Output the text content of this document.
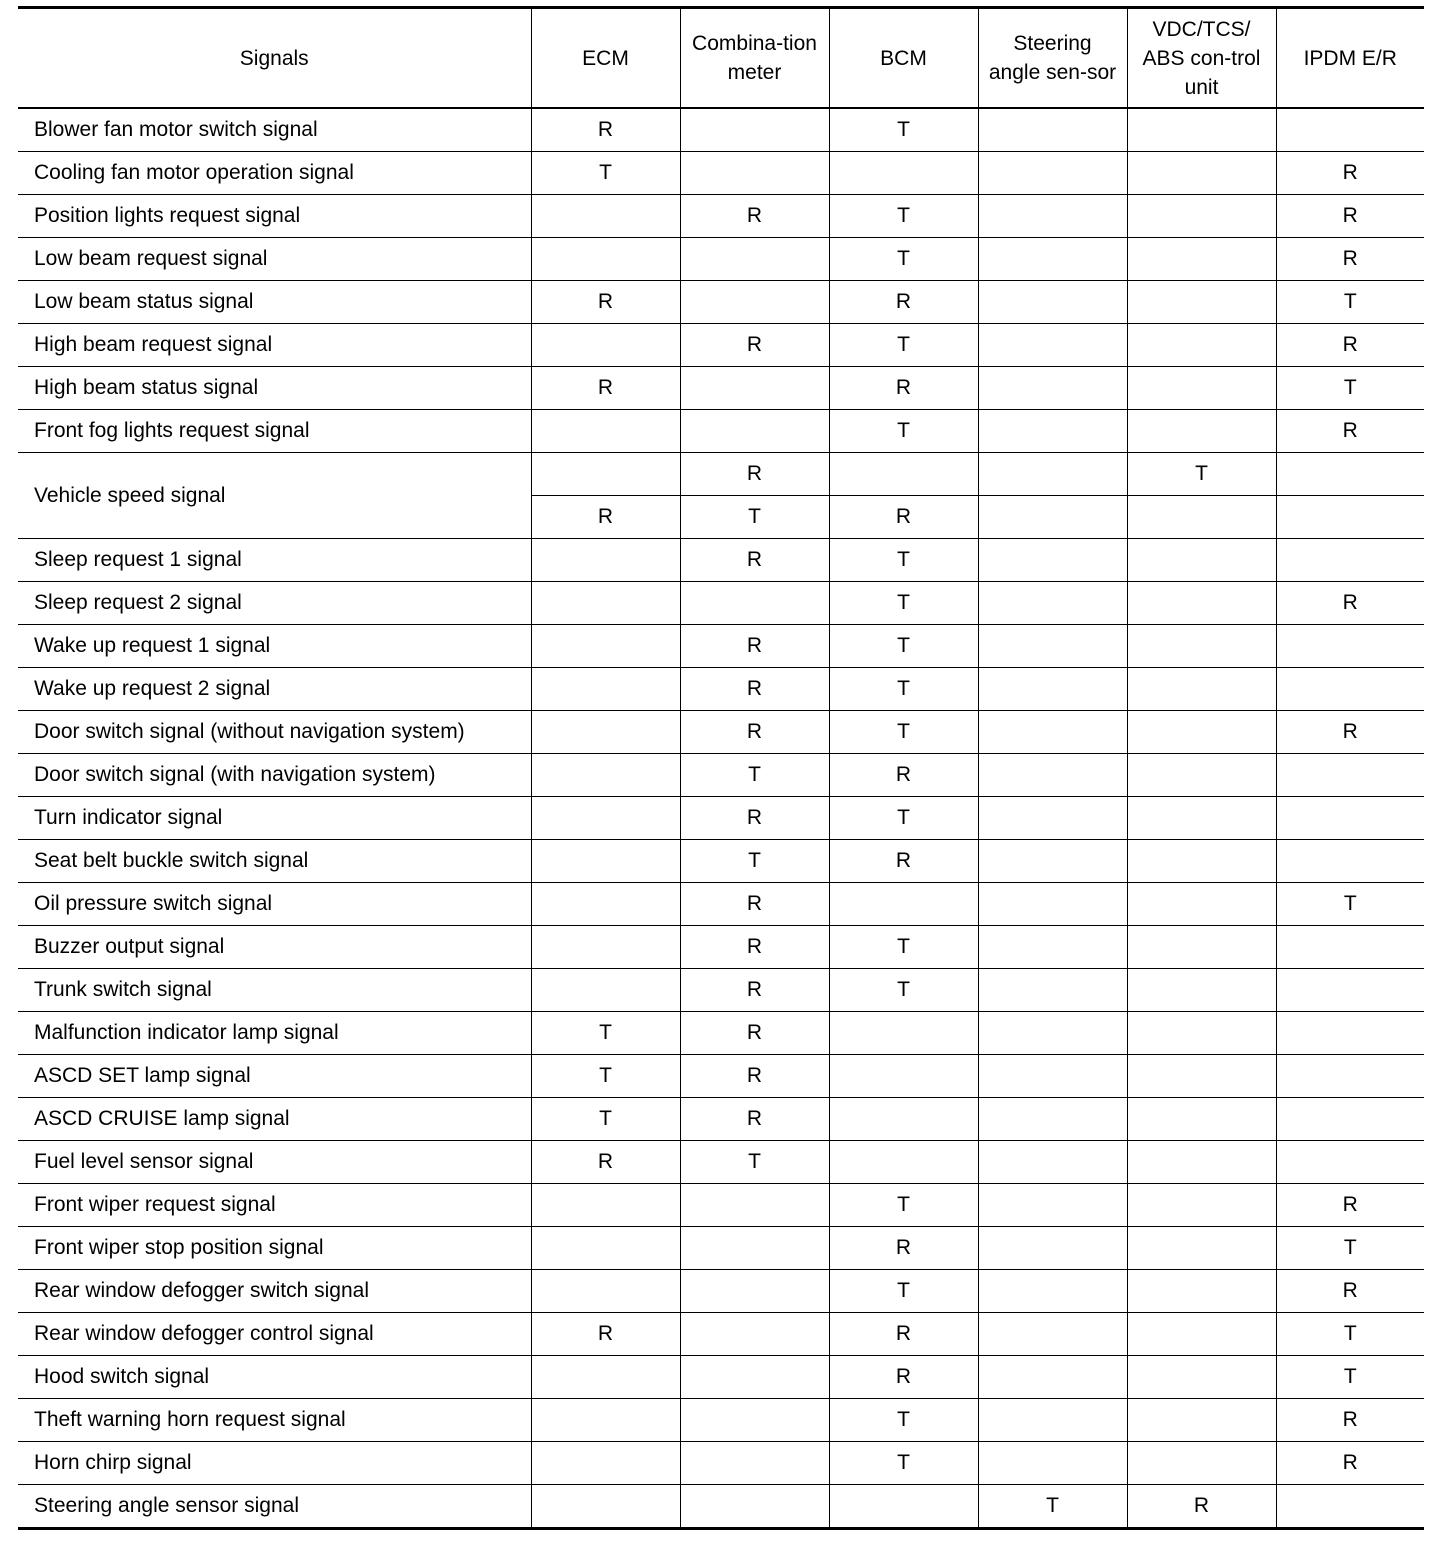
Signals	ECM	Combina-tion meter	BCM	Steering angle sen-sor	VDC/TCS/ ABS con-trol unit	IPDM E/R
Blower fan motor switch signal	R		T			
Cooling fan motor operation signal	T					R
Position lights request signal		R	T			R
Low beam request signal			T			R
Low beam status signal	R		R			T
High beam request signal		R	T			R
High beam status signal	R		R			T
Front fog lights request signal			T			R
Vehicle speed signal		R			T	
	R	T	R			
Sleep request 1 signal		R	T			
Sleep request 2 signal			T			R
Wake up request 1 signal		R	T			
Wake up request 2 signal		R	T			
Door switch signal (without navigation system)		R	T			R
Door switch signal (with navigation system)		T	R			
Turn indicator signal		R	T			
Seat belt buckle switch signal		T	R			
Oil pressure switch signal		R				T
Buzzer output signal		R	T			
Trunk switch signal		R	T			
Malfunction indicator lamp signal	T	R				
ASCD SET lamp signal	T	R				
ASCD CRUISE lamp signal	T	R				
Fuel level sensor signal	R	T				
Front wiper request signal			T			R
Front wiper stop position signal			R			T
Rear window defogger switch signal			T			R
Rear window defogger control signal	R		R			T
Hood switch signal			R			T
Theft warning horn request signal			T			R
Horn chirp signal			T			R
Steering angle sensor signal				T	R	
